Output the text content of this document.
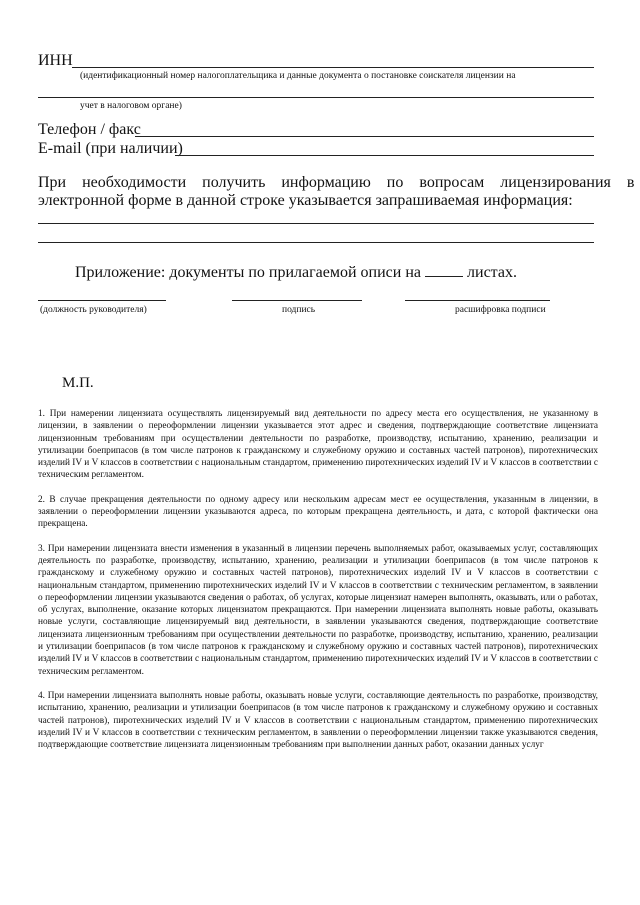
ИНН
(идентификационный номер налогоплательщика и данные документа о постановке соискателя лицензии на
учет в налоговом органе)
Телефон / факс
E-mail (при наличии)
При    необходимости    получить    информацию    по    вопросам    лицензирования    в
электронной форме в данной строке указывается запрашиваемая информация:
Приложение: документы по прилагаемой описи на	листах.
(должность руководителя)	подпись	расшифровка подписи
М.П.

1. При намерении лицензиата осуществлять лицензируемый вид деятельности по адресу места его осуществления, не указанному в лицензии, в заявлении о переоформлении лицензии указывается этот адрес и сведения, подтверждающие соответствие лицензиата лицензионным требованиям при осуществлении деятельности по разработке, производству, испытанию, хранению, реализации и утилизации боеприпасов (в том числе патронов к гражданскому и служебному оружию и составных частей патронов), пиротехнических изделий IV и V классов в соответствии с национальным стандартом, применению пиротехнических изделий IV и V классов в соответствии с техническим регламентом.

2. В случае прекращения деятельности по одному адресу или нескольким адресам мест ее осуществления, указанным в лицензии, в заявлении о переоформлении лицензии указываются адреса, по которым прекращена деятельность, и дата, с которой фактически она прекращена.

3. При намерении лицензиата внести изменения в указанный в лицензии перечень выполняемых работ, оказываемых услуг, составляющих деятельность по разработке, производству, испытанию, хранению, реализации и утилизации боеприпасов (в том числе патронов к гражданскому и служебному оружию и составных частей патронов), пиротехнических изделий IV и V классов в соответствии с национальным стандартом, применению пиротехнических изделий IV и V классов в соответствии с техническим регламентом, в заявлении о переоформлении лицензии указываются сведения о работах, об услугах, которые лицензиат намерен выполнять, оказывать, или о работах, об услугах, выполнение, оказание которых лицензиатом прекращаются. При намерении лицензиата выполнять новые работы, оказывать новые услуги, составляющие лицензируемый вид деятельности, в заявлении указываются сведения, подтверждающие соответствие лицензиата лицензионным требованиям при осуществлении деятельности по разработке, производству, испытанию, хранению, реализации и утилизации боеприпасов (в том числе патронов к гражданскому и служебному оружию и составных частей патронов), пиротехнических изделий IV и V классов в соответствии с национальным стандартом, применению пиротехнических изделий IV и V классов в соответствии с техническим регламентом.

4. При намерении лицензиата выполнять новые работы, оказывать новые услуги, составляющие деятельность по разработке, производству, испытанию, хранению, реализации и утилизации боеприпасов (в том числе патронов к гражданскому и служебному оружию и составных частей патронов), пиротехнических изделий IV и V классов в соответствии с национальным стандартом, применению пиротехнических изделий IV и V классов в соответствии с техническим регламентом, в заявлении о переоформлении лицензии также указываются сведения, подтверждающие соответствие лицензиата лицензионным требованиям при выполнении данных работ, оказании данных услуг
